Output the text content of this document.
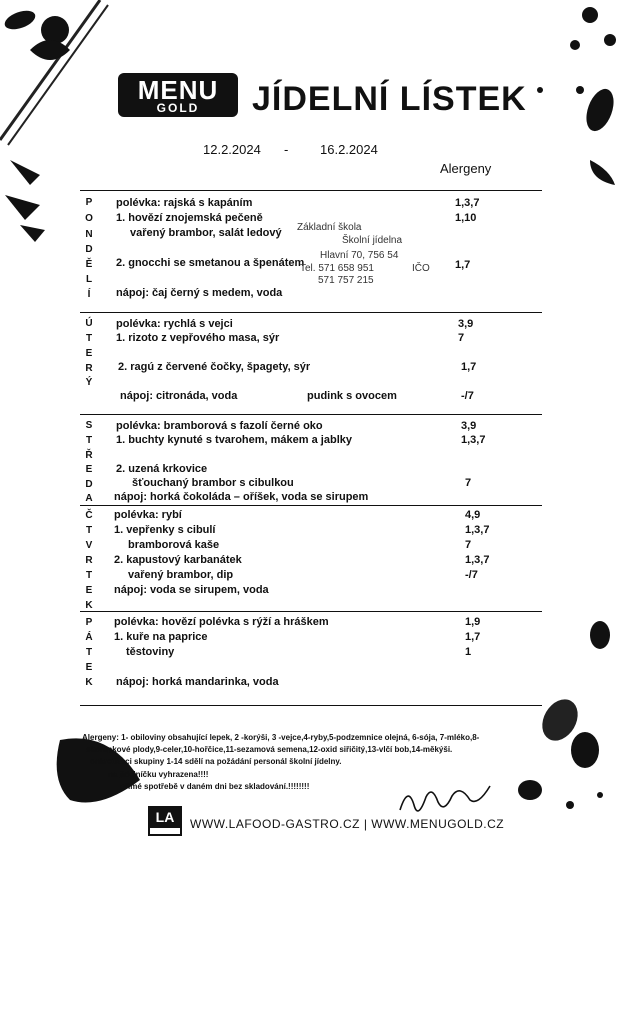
MENU
GOLD	JÍDELNÍ LÍSTEK
12.2.2024 - 16.2.2024
Alergeny
P
O
N
D
Ě
L
Í
polévka: rajská s kapáním	1,3,7
1. hovězí znojemská pečeně	1,10
vařený brambor, salát ledový
2. gnocchi se smetanou a špenátem	1,7
nápoj: čaj černý s medem, voda
Základní škola
Školní jídelna
Hlavní 70, 756 54
Tel. 571 658 951	IČO
571 757 215
Ú
T
E
R
Ý
polévka: rychlá s vejci	3,9
1. rizoto z vepřového masa, sýr	7
2. ragú z červené čočky, špagety, sýr	1,7
nápoj: citronáda, voda	pudink s ovocem	-/7
S
T
Ř
E
D
A
polévka: bramborová s fazolí černé oko	3,9
1. buchty kynuté s tvarohem, mákem a jablky	1,3,7
2. uzená krkovice
šťouchaný brambor s cibulkou	7
nápoj: horká čokoláda – oříšek, voda se sirupem
Č
T
V
R
T
E
K
polévka: rybí	4,9
1. vepřenky s cibulí	1,3,7
bramborová kaše	7
2. kapustový karbanátek	1,3,7
vařený brambor, dip	-/7
nápoj: voda se sirupem, voda
P
Á
T
E
K
polévka: hovězí polévka s rýží a hráškem	1,9
1. kuře na paprice	1,7
těstoviny	1
nápoj: horká mandarinka, voda
Alergeny: 1- obiloviny obsahující lepek, 2 -korýši, 3 -vejce,4-ryby,5-podzemnice olejná, 6-sója, 7-mléko,8-
skořápkové plody,9-celer,10-hořčice,11-sezamová semena,12-oxid siřičitý,13-vlčí bob,14-měkýši.
onkretizaci skupiny 1-14 sdělí na požádání personál školní jídelny.
na jídelníčku vyhrazena!!!!
přímé spotřebě v daném dni bez skladování.!!!!!!!!
LA	WWW.LAFOOD-GASTRO.CZ | WWW.MENUGOLD.CZ
